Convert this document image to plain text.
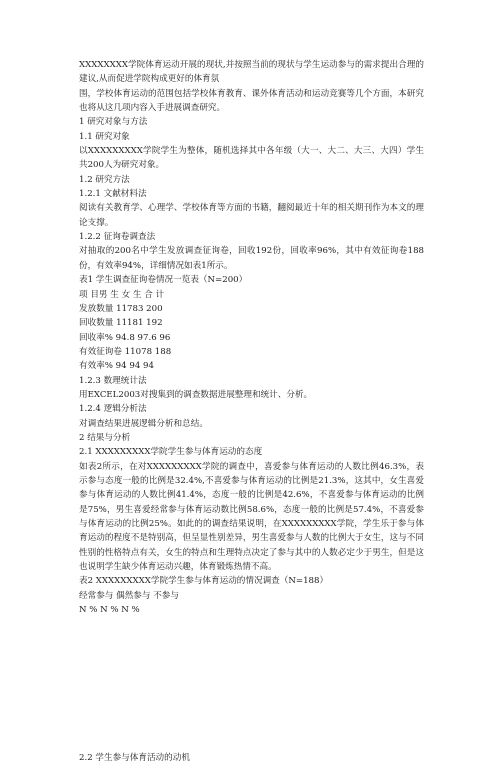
XXXXXXXX学院体育运动开展的现状,并按照当前的现状与学生运动参与的需求提出合理的建议,从而促进学院构成更好的体育氛
围，学校体育运动的范围包括学校体育教育、课外体育活动和运动竞赛等几个方面，本研究也将从这几项内容入手进展调查研究。
1 研究对象与方法
1.1 研究对象
以XXXXXXXXX学院学生为整体，随机选择其中各年级（大一、大二、大三、大四）学生共200人为研究对象。
1.2 研究方法
1.2.1 文献材料法
阅读有关教育学、心理学、学校体育等方面的书籍，翻阅最近十年的相关期刊作为本文的理论支撑。
1.2.2 征询卷调查法
对抽取的200名中学生发放调查征询卷，回收192份，回收率96%，其中有效征询卷188份，有效率94%，详细情况如表1所示。
表1 学生调查征询卷情况一览表（N=200）
项 目男 生 女 生 合 计
发放数量 11783 200
回收数量 11181 192
回收率% 94.8 97.6 96
有效征询卷 11078 188
有效率% 94 94 94
1.2.3 数理统计法
用EXCEL2003对搜集到的调查数据进展整理和统计、分析。
1.2.4 逻辑分析法
对调查结果进展逻辑分析和总结。
2 结果与分析
2.1 XXXXXXXXX学院学生参与体育运动的态度
如表2所示，在对XXXXXXXXX学院的调查中，喜爱参与体育运动的人数比例46.3%，表示参与态度一般的比例是32.4%,不喜爱参与体育运动的比例是21.3%，这其中，女生喜爱参与体育运动的人数比例41.4%，态度一般的比例是42.6%，不喜爱参与体育运动的比例是75%，男生喜爱经常参与体育运动数比例58.6%，态度一般的比例是57.4%，不喜爱参与体育运动的比例25%。如此的的调查结果说明，在XXXXXXXXX学院，学生乐于参与体育运动的程度不是特别高，但呈显性别差异，男生喜爱参与人数的比例大于女生，这与不同性别的性格特点有关，女生的特点和生理特点决定了参与其中的人数必定少于男生，但是这也说明学生缺少体育运动兴趣，体育锻炼热情不高。
表2 XXXXXXXXX学院学生参与体育运动的情况调查（N=188）
经常参与 偶然参与 不参与
N % N % N %
2.2 学生参与体育活动的动机
